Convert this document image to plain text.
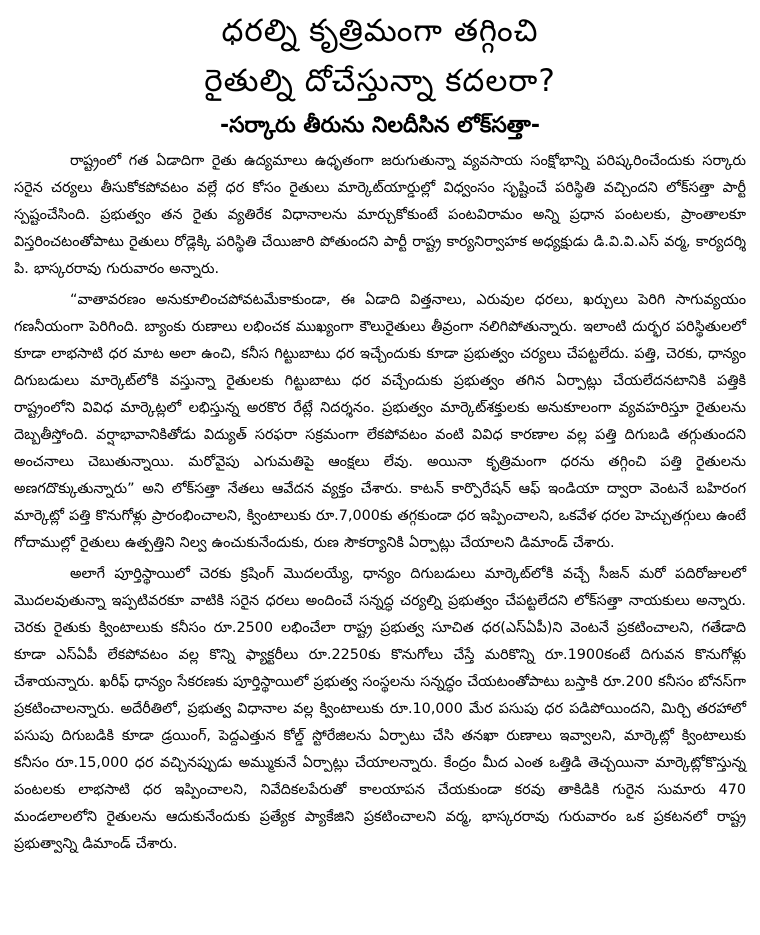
ధరల్ని కృత్రిమంగా తగ్గించి
రైతుల్ని దోచేస్తున్నా కదలరా?
-సర్కారు తీరును నిలదీసిన లోక్‌సత్తా-

రాష్ట్రంలో గత ఏడాదిగా రైతు ఉద్యమాలు ఉధృతంగా జరుగుతున్నా వ్యవసాయ సంక్షోభాన్ని పరిష్కరించేందుకు సర్కారు సరైన చర్యలు తీసుకోకపోవటం వల్లే ధర కోసం రైతులు మార్కెట్‌యార్డుల్లో విధ్వంసం సృష్టించే పరిస్థితి వచ్చిందని లోక్‌సత్తా పార్టీ స్పష్టంచేసింది. ప్రభుత్వం తన రైతు వ్యతిరేక విధానాలను మార్చుకోకుంటే పంటవిరామం అన్ని ప్రధాన పంటలకు, ప్రాంతాలకూ విస్తరించటంతోపాటు రైతులు రోడ్లెక్కి పరిస్థితి చేయిజారి పోతుందని పార్టీ రాష్ట్ర కార్యనిర్వాహక అధ్యక్షుడు డి.వి.వి.ఎస్ వర్మ, కార్యదర్శి పి. భాస్కరరావు గురువారం అన్నారు.

“వాతావరణం అనుకూలించపోవటమేకాకుండా, ఈ ఏడాది విత్తనాలు, ఎరువుల ధరలు, ఖర్చులు పెరిగి సాగువ్యయం గణనీయంగా పెరిగింది. బ్యాంకు రుణాలు లభించక ముఖ్యంగా కౌలురైతులు తీవ్రంగా నలిగిపోతున్నారు. ఇలాంటి దుర్భర పరిస్థితులలో కూడా లాభసాటి ధర మాట అలా ఉంచి, కనీస గిట్టుబాటు ధర ఇచ్చేందుకు కూడా ప్రభుత్వం చర్యలు చేపట్టలేదు. పత్తి, చెరకు, ధాన్యం దిగుబడులు మార్కెట్‌లోకి వస్తున్నా రైతులకు గిట్టుబాటు ధర వచ్చేందుకు ప్రభుత్వం తగిన ఏర్పాట్లు చేయలేదనటానికి పత్తికి రాష్ట్రంలోని వివిధ మార్కెట్లలో లభిస్తున్న అరకొర రేట్లే నిదర్శనం. ప్రభుత్వం మార్కెట్‌శక్తులకు అనుకూలంగా వ్యవహరిస్తూ రైతులను దెబ్బతీస్తోంది. వర్షాభావానికితోడు విద్యుత్ సరఫరా సక్రమంగా లేకపోవటం వంటి వివిధ కారణాల వల్ల పత్తి దిగుబడి తగ్గుతుందని అంచనాలు చెబుతున్నాయి. మరోవైపు ఎగుమతిపై ఆంక్షలు లేవు. అయినా కృత్రిమంగా ధరను తగ్గించి పత్తి రైతులను అణగదొక్కుతున్నారు” అని లోక్‌సత్తా నేతలు ఆవేదన వ్యక్తం చేశారు. కాటన్ కార్పొరేషన్ ఆఫ్ ఇండియా ద్వారా వెంటనే బహిరంగ మార్కెట్లో పత్తి కొనుగోళ్లు ప్రారంభించాలని, క్వింటాలుకు రూ.7,000కు తగ్గకుండా ధర ఇప్పించాలని, ఒకవేళ ధరల హెచ్చుతగ్గులు ఉంటే గోదాముల్లో రైతులు ఉత్పత్తిని నిల్వ ఉంచుకునేందుకు, రుణ సౌకర్యానికి ఏర్పాట్లు చేయాలని డిమాండ్ చేశారు.

అలాగే పూర్తిస్థాయిలో చెరకు క్రషింగ్ మొదలయ్యే, ధాన్యం దిగుబడులు మార్కెట్‌లోకి వచ్చే సీజన్ మరో పదిరోజులలో మొదలవుతున్నా ఇప్పటివరకూ వాటికి సరైన ధరలు అందించే సన్నద్ధ చర్యల్ని ప్రభుత్వం చేపట్టలేదని లోక్‌సత్తా నాయకులు అన్నారు. చెరకు రైతుకు క్వింటాలుకు కనీసం రూ.2500 లభించేలా రాష్ట్ర ప్రభుత్వ సూచిత ధర(ఎస్ఏపీ)ని వెంటనే ప్రకటించాలని, గతేడాది కూడా ఎస్ఏపీ లేకపోవటం వల్ల కొన్ని ఫ్యాక్టరీలు రూ.2250కు కొనుగోలు చేస్తే మరికొన్ని రూ.1900కంటే దిగువన కొనుగోళ్లు చేశాయన్నారు. ఖరీఫ్ ధాన్యం సేకరణకు పూర్తిస్థాయిలో ప్రభుత్వ సంస్థలను సన్నద్ధం చేయటంతోపాటు బస్తాకి రూ.200 కనీసం బోనస్‌గా ప్రకటించాలన్నారు. అదేరీతిలో, ప్రభుత్వ విధానాల వల్ల క్వింటాలుకు రూ.10,000 మేర పసుపు ధర పడిపోయిందని, మిర్చి తరహాలో పసుపు దిగుబడికి కూడా డ్రయింగ్, పెద్దఎత్తున కోల్డ్ స్టోరేజిలను ఏర్పాటు చేసి తనఖా రుణాలు ఇవ్వాలని, మార్కెట్లో క్వింటాలుకు కనీసం రూ.15,000 ధర వచ్చినప్పుడు అమ్ముకునే ఏర్పాట్లు చేయాలన్నారు. కేంద్రం మీద ఎంత ఒత్తిడి తెచ్చయినా మార్కెట్లోకొస్తున్న పంటలకు లాభసాటి ధర ఇప్పించాలని, నివేదికలపేరుతో కాలయాపన చేయకుండా కరవు తాకిడికి గురైన సుమారు 470 మండలాలలోని రైతులను ఆదుకునేందుకు ప్రత్యేక ప్యాకేజిని ప్రకటించాలని వర్మ, భాస్కరరావు గురువారం ఒక ప్రకటనలో రాష్ట్ర ప్రభుత్వాన్ని డిమాండ్ చేశారు.
